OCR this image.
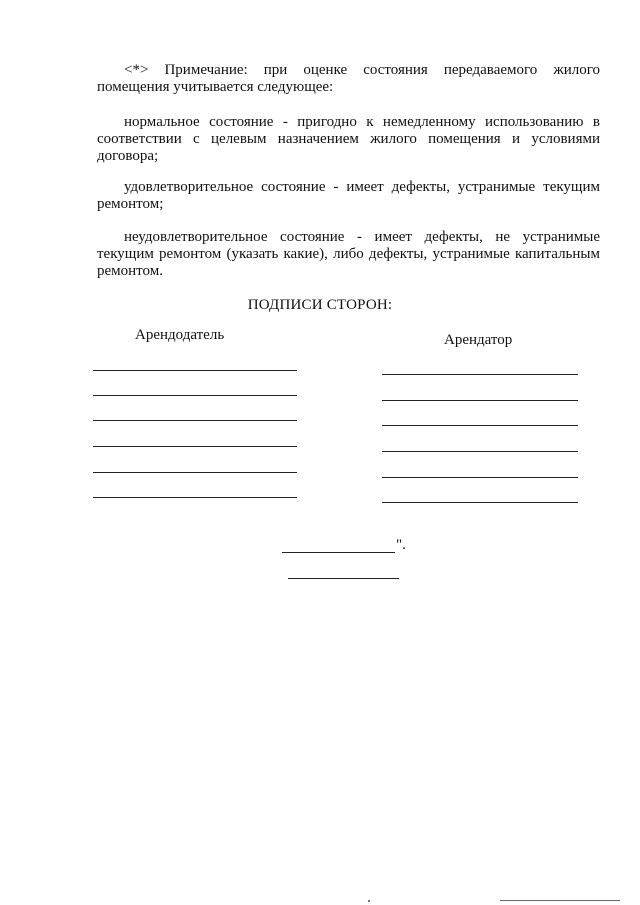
<*> Примечание: при оценке состояния передаваемого жилого помещения учитывается следующее:

нормальное состояние - пригодно к немедленному использованию в соответствии с целевым назначением жилого помещения и условиями договора;

удовлетворительное состояние - имеет дефекты, устранимые текущим ремонтом;

неудовлетворительное состояние - имеет дефекты, не устранимые текущим ремонтом (указать какие), либо дефекты, устранимые капитальным ремонтом.

ПОДПИСИ СТОРОН:
Арендодатель	Арендатор
".
